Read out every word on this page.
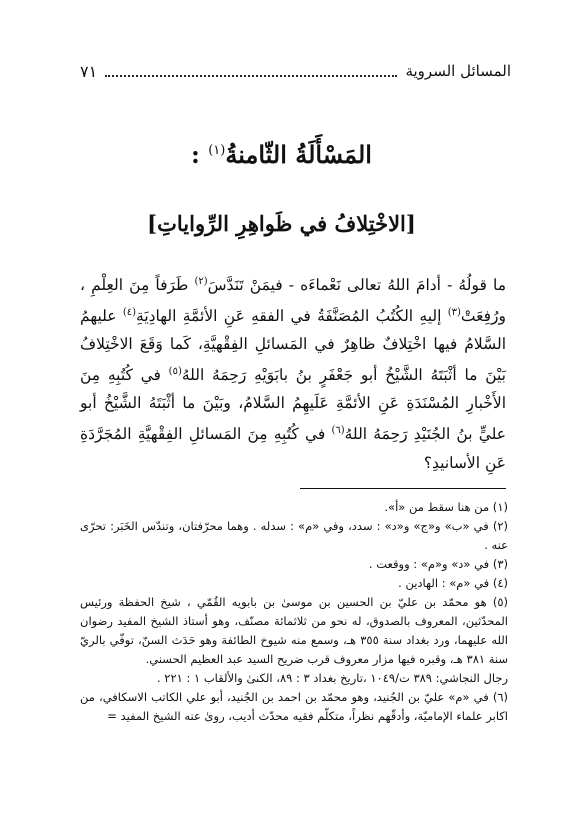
المسائل السروية
٧١
المَسْأَلَةُ الثّامنةُ$^{(١)}$ :
[الاخْتِلافُ في ظَواهِرِ الرِّواياتِ]

ما قولُهُ - أدامَ اللهُ تعالى نَعْماءَه - فيمَنْ تَنَدَّسَ$^{(٢)}$ طَرَفاً مِنَ العِلْمِ ، ورُفِعَتْ$^{(٣)}$ إليهِ الكُتُبُ المُصَنَّفَةُ في الفقهِ عَنِ الأئمَّةِ الهادِيَةِ$^{(٤)}$ عليهمُ السَّلامُ فيها اخْتِلافٌ ظاهِرٌ في المَسائلِ الفِقْهيَّةِ، كَما وَقَعَ الاخْتِلافُ بَيْنَ ما أثْبَتَهُ الشَّيْخُ أبو جَعْفَرٍ بنُ بابَوَيْهِ رَحِمَهُ اللهُ$^{(٥)}$ في كُتُبِهِ مِنَ الأَخْبارِ المُسْنَدَةِ عَنِ الأئمَّةِ عَلَيهِمُ السَّلامُ، وبَيْنَ ما أثْبَتَهُ الشَّيْخُ أبو عليٍّ بنُ الجُنَيْدِ رَحِمَهُ اللهُ$^{(٦)}$ في كُتُبِهِ مِنَ المَسائلِ الفِقْهيَّةِ المُجَرَّدَةِ عَنِ الأسانيدِ؟

(١) من هنا سقط من «أ».

(٢) في «ب» و«ج» و«د» : سدد، وفي «م» : سدله . وهما محرّفتان، وتندّس الخَبَر: تحرّى عنه .

(٣) في «د» و«م» : ووقعت .

(٤) في «م» : الهادين .

(٥) هو محمّد بن عليّ بن الحسين بن موسىٰ بن بابويه القُمّي ، شيخ الحفظة ورئيس المحدّثين، المعروف بالصدوق، له نحو من ثلاثمائة مصنّف، وهو أستاذ الشيخ المفيد رضوان الله عليهما، ورد بغداد سنة ٣٥٥ هـ، وسمع منه شيوخ الطائفة وهو حَدَث السنّ، توفّي بالريّ سنة ٣٨١ هـ، وقبره فيها مزار معروف قرب ضريح السيد عبد العظيم الحسني.

رجال النجاشي: ٣٨٩ ت/١٠٤٩ ،تاريخ بغداد ٣ : ٨٩، الكنىٰ والألقاب ١ : ٢٢١ .

(٦) في «م» عليّ بن الجُنيد، وهو محمّد بن احمد بن الجُنيد، أبو علي الكاتب الاسكافي، من اكابر علماء الإماميّة، وأدقّهم نظراً، متكلّم فقيه محدّث أديب، روىٰ عنه الشيخ المفيد =
